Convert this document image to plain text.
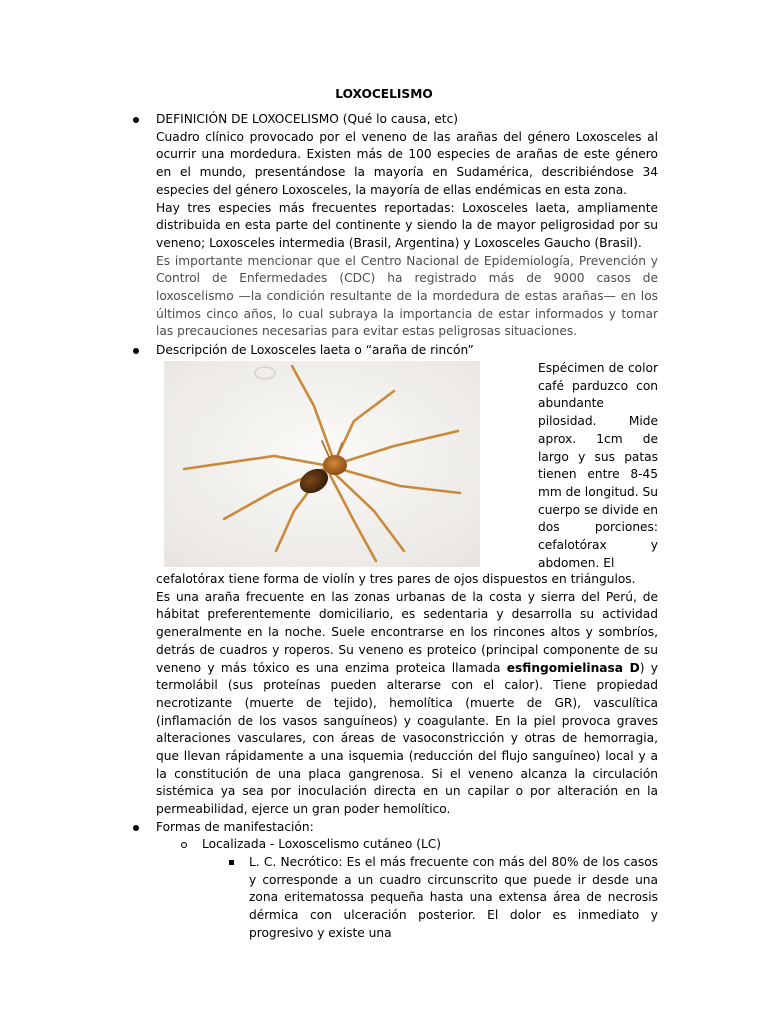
LOXOCELISMO

DEFINICIÓN DE LOXOCELISMO (Qué lo causa, etc)

Cuadro clínico provocado por el veneno de las arañas del género Loxosceles al ocurrir una mordedura. Existen más de 100 especies de arañas de este género en el mundo, presentándose la mayoría en Sudamérica, describiéndose 34 especies del género Loxosceles, la mayoría de ellas endémicas en esta zona.

Hay tres especies más frecuentes reportadas: Loxosceles laeta, ampliamente distribuida en esta parte del continente y siendo la de mayor peligrosidad por su veneno; Loxosceles intermedia (Brasil, Argentina) y Loxosceles Gaucho (Brasil).

Es importante mencionar que el Centro Nacional de Epidemiología, Prevención y Control de Enfermedades (CDC) ha registrado más de 9000 casos de loxoscelismo —la condición resultante de la mordedura de estas arañas— en los últimos cinco años, lo cual subraya la importancia de estar informados y tomar las precauciones necesarias para evitar estas peligrosas situaciones.

Descripción de Loxosceles laeta o “araña de rincón”
Espécimen de color café parduzco con abundante pilosidad. Mide aprox. 1cm de largo y sus patas tienen entre 8-45 mm de longitud. Su cuerpo se divide en dos porciones: cefalotórax y abdomen. El

cefalotórax tiene forma de violín y tres pares de ojos dispuestos en triángulos.

Es una araña frecuente en las zonas urbanas de la costa y sierra del Perú, de hábitat preferentemente domiciliario, es sedentaria y desarrolla su actividad generalmente en la noche. Suele encontrarse en los rincones altos y sombríos, detrás de cuadros y roperos. Su veneno es proteico (principal componente de su veneno y más tóxico es una enzima proteica llamada esfingomielinasa D) y termolábil (sus proteínas pueden alterarse con el calor). Tiene propiedad necrotizante (muerte de tejido), hemolítica (muerte de GR), vasculítica (inflamación de los vasos sanguíneos) y coagulante. En la piel provoca graves alteraciones vasculares, con áreas de vasoconstricción y otras de hemorragia, que llevan rápidamente a una isquemia (reducción del flujo sanguíneo) local y a la constitución de una placa gangrenosa. Si el veneno alcanza la circulación sistémica ya sea por inoculación directa en un capilar o por alteración en la permeabilidad, ejerce un gran poder hemolítico.

Formas de manifestación:
Localizada - Loxoscelismo cutáneo (LC)
L. C. Necrótico: Es el más frecuente con más del 80% de los casos y corresponde a un cuadro circunscrito que puede ir desde una zona eritematossa pequeña hasta una extensa área de necrosis dérmica con ulceración posterior. El dolor es inmediato y progresivo y existe una
